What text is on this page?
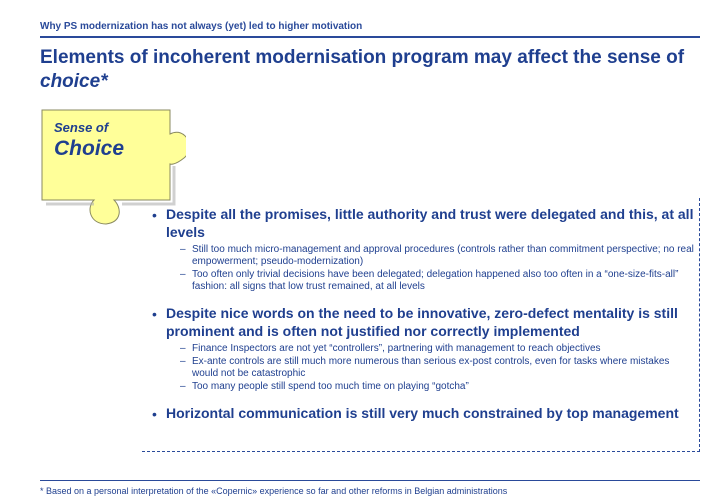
Why PS modernization has not always (yet) led to higher motivation
Elements of incoherent modernisation program may affect the sense of
choice*
Sense of
Choice
• Despite all the promises, little authority and trust were delegated and this, at all levels
– Still too much micro-management and approval procedures (controls rather than commitment perspective; no real empowerment; pseudo-modernization)
– Too often only trivial decisions have been delegated; delegation happened also too often in a “one-size-fits-all” fashion: all signs that low trust remained, at all levels
• Despite nice words on the need to be innovative, zero-defect mentality is still prominent and is often not justified nor correctly implemented
– Finance Inspectors are not yet “controllers”, partnering with management to reach objectives
– Ex-ante controls are still much more numerous than serious ex-post controls, even for tasks where mistakes would not be catastrophic
– Too many people still spend too much time on playing “gotcha”
• Horizontal communication is still very much constrained by top management
* Based on a personal interpretation of the «Copernic» experience so far and other reforms in Belgian administrations
